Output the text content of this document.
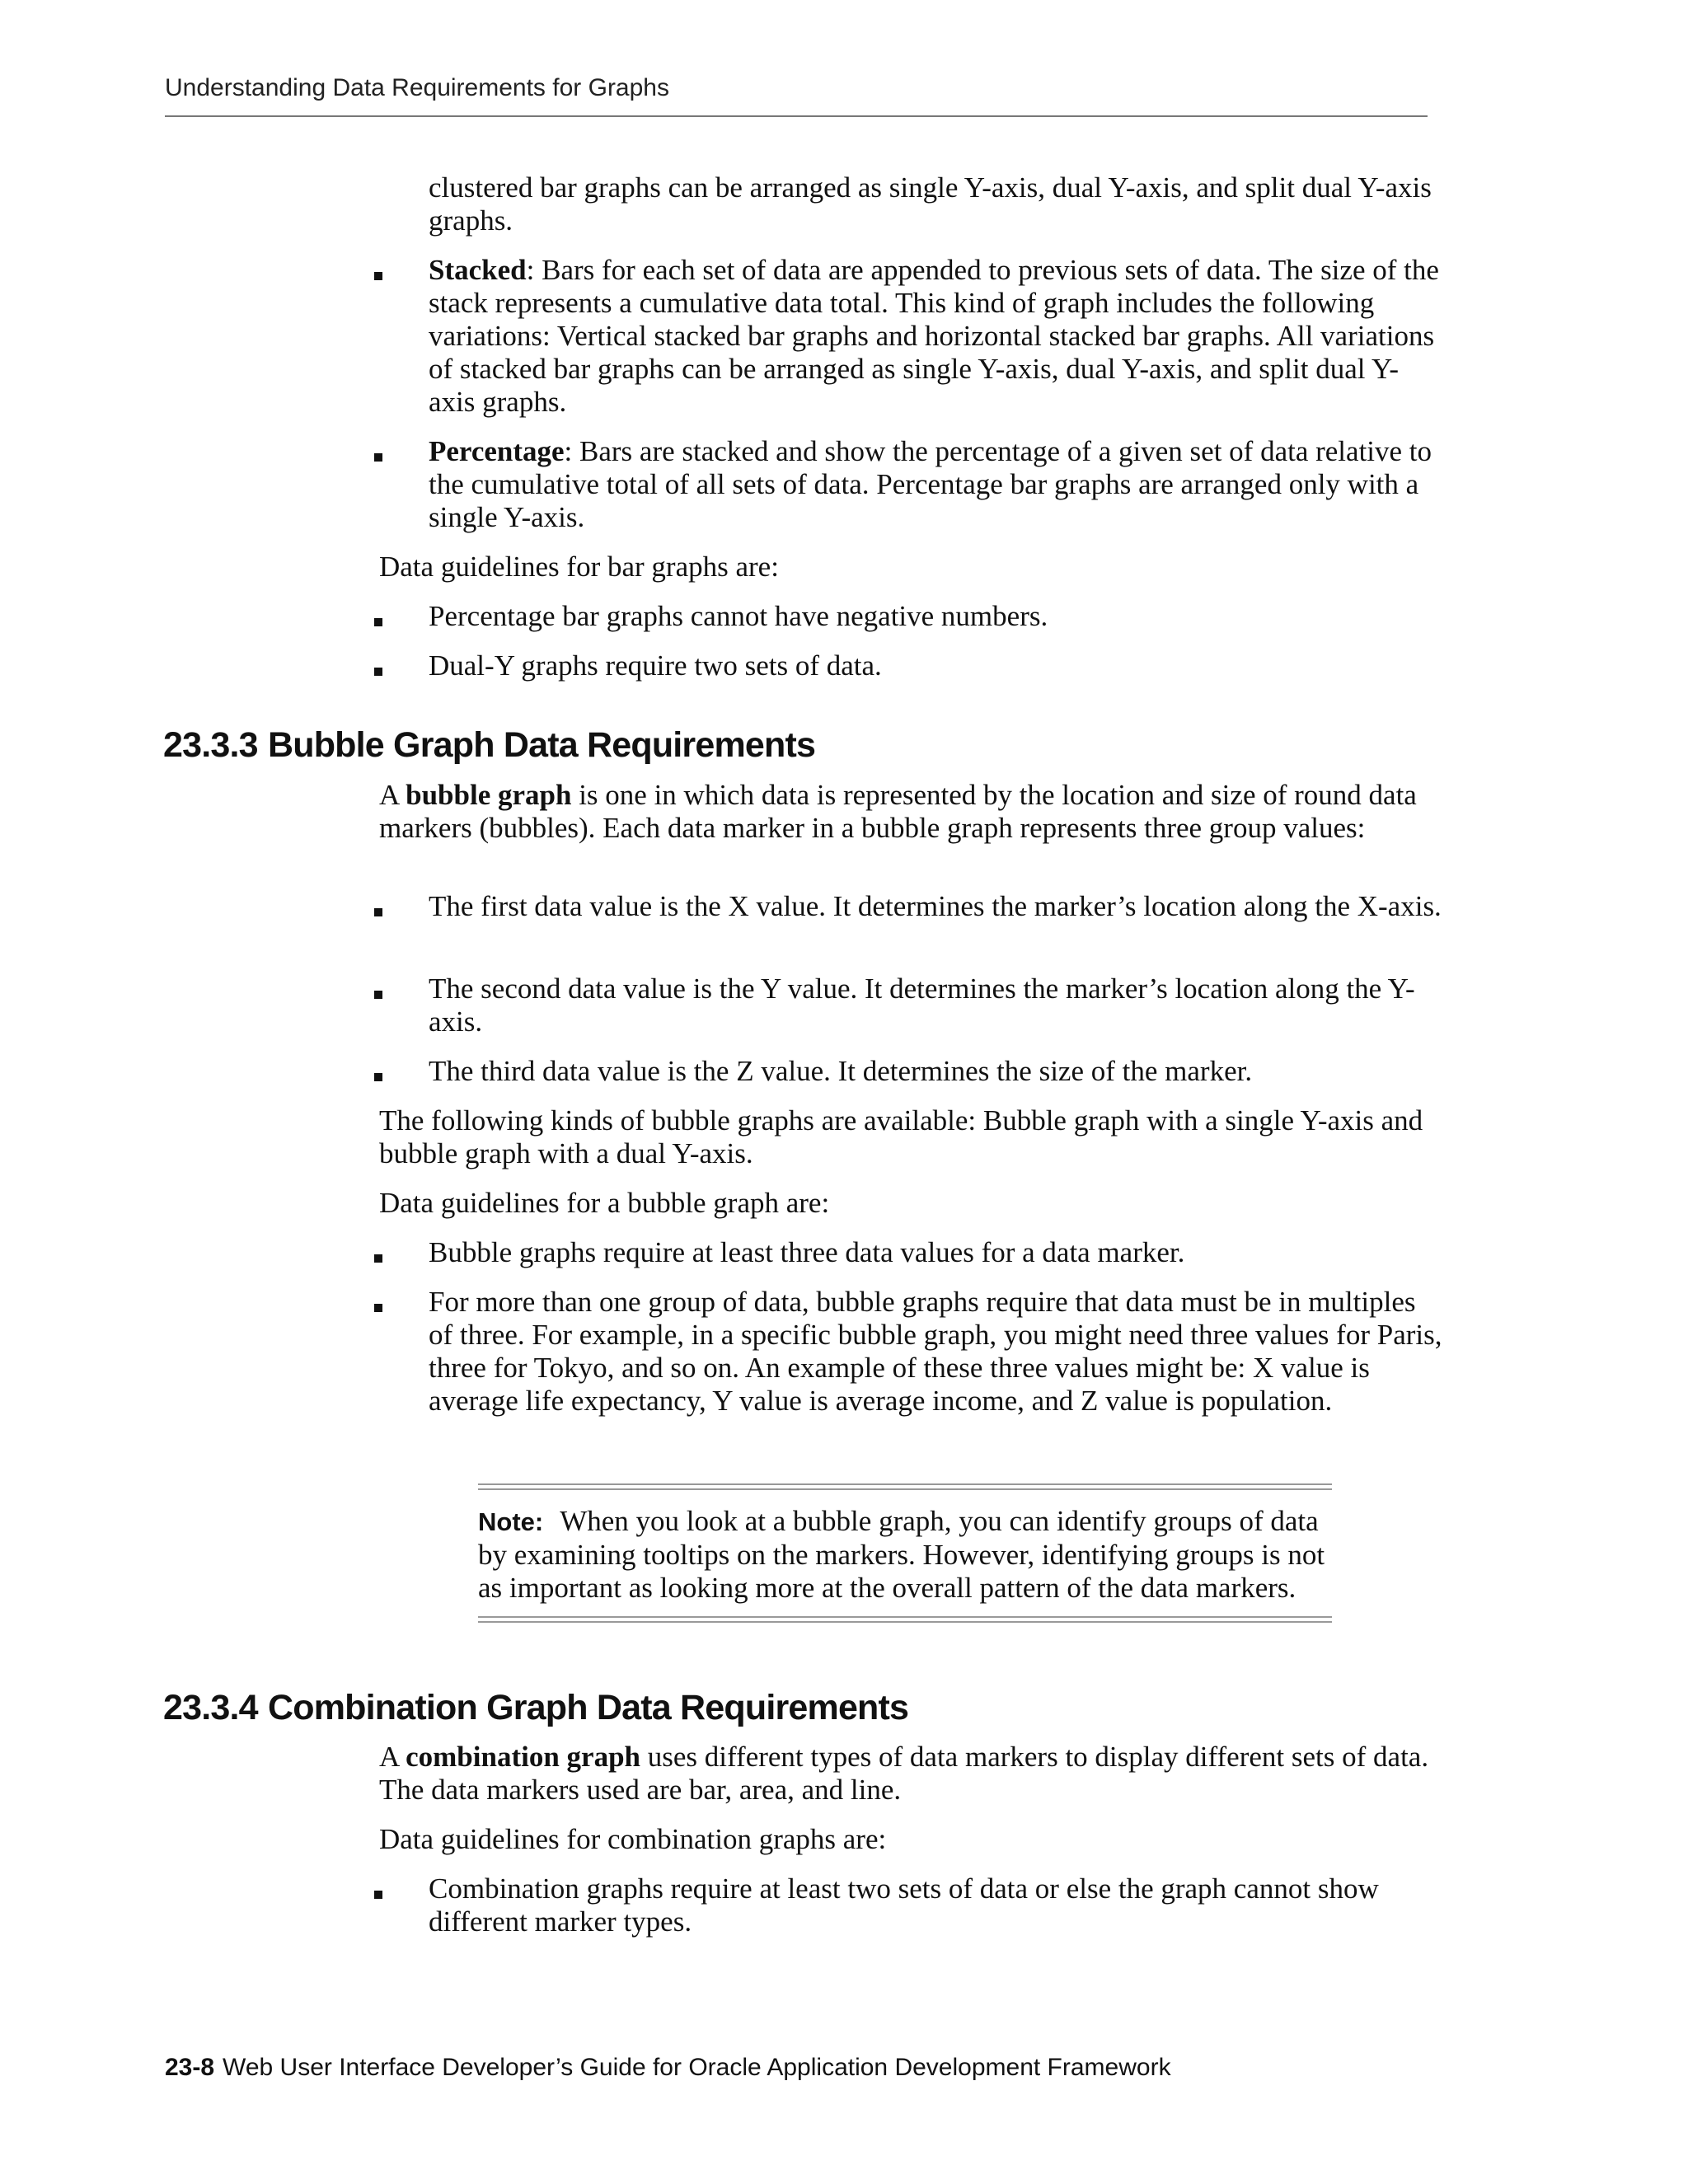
Understanding Data Requirements for Graphs
clustered bar graphs can be arranged as single Y-axis, dual Y-axis, and split dual Y-axis graphs.
Stacked: Bars for each set of data are appended to previous sets of data. The size of the stack represents a cumulative data total. This kind of graph includes the following variations: Vertical stacked bar graphs and horizontal stacked bar graphs. All variations of stacked bar graphs can be arranged as single Y-axis, dual Y-axis, and split dual Y-axis graphs.
Percentage: Bars are stacked and show the percentage of a given set of data relative to the cumulative total of all sets of data. Percentage bar graphs are arranged only with a single Y-axis.
Data guidelines for bar graphs are:
Percentage bar graphs cannot have negative numbers.
Dual-Y graphs require two sets of data.
23.3.3 Bubble Graph Data Requirements
A bubble graph is one in which data is represented by the location and size of round data markers (bubbles). Each data marker in a bubble graph represents three group values:
The first data value is the X value. It determines the marker’s location along the X-axis.
The second data value is the Y value. It determines the marker’s location along the Y-axis.
The third data value is the Z value. It determines the size of the marker.
The following kinds of bubble graphs are available: Bubble graph with a single Y-axis and bubble graph with a dual Y-axis.
Data guidelines for a bubble graph are:
Bubble graphs require at least three data values for a data marker.
For more than one group of data, bubble graphs require that data must be in multiples of three. For example, in a specific bubble graph, you might need three values for Paris, three for Tokyo, and so on. An example of these three values might be: X value is average life expectancy, Y value is average income, and Z value is population.
Note: When you look at a bubble graph, you can identify groups of data by examining tooltips on the markers. However, identifying groups is not as important as looking more at the overall pattern of the data markers.
23.3.4 Combination Graph Data Requirements
A combination graph uses different types of data markers to display different sets of data. The data markers used are bar, area, and line.
Data guidelines for combination graphs are:
Combination graphs require at least two sets of data or else the graph cannot show different marker types.
23-8 Web User Interface Developer’s Guide for Oracle Application Development Framework
